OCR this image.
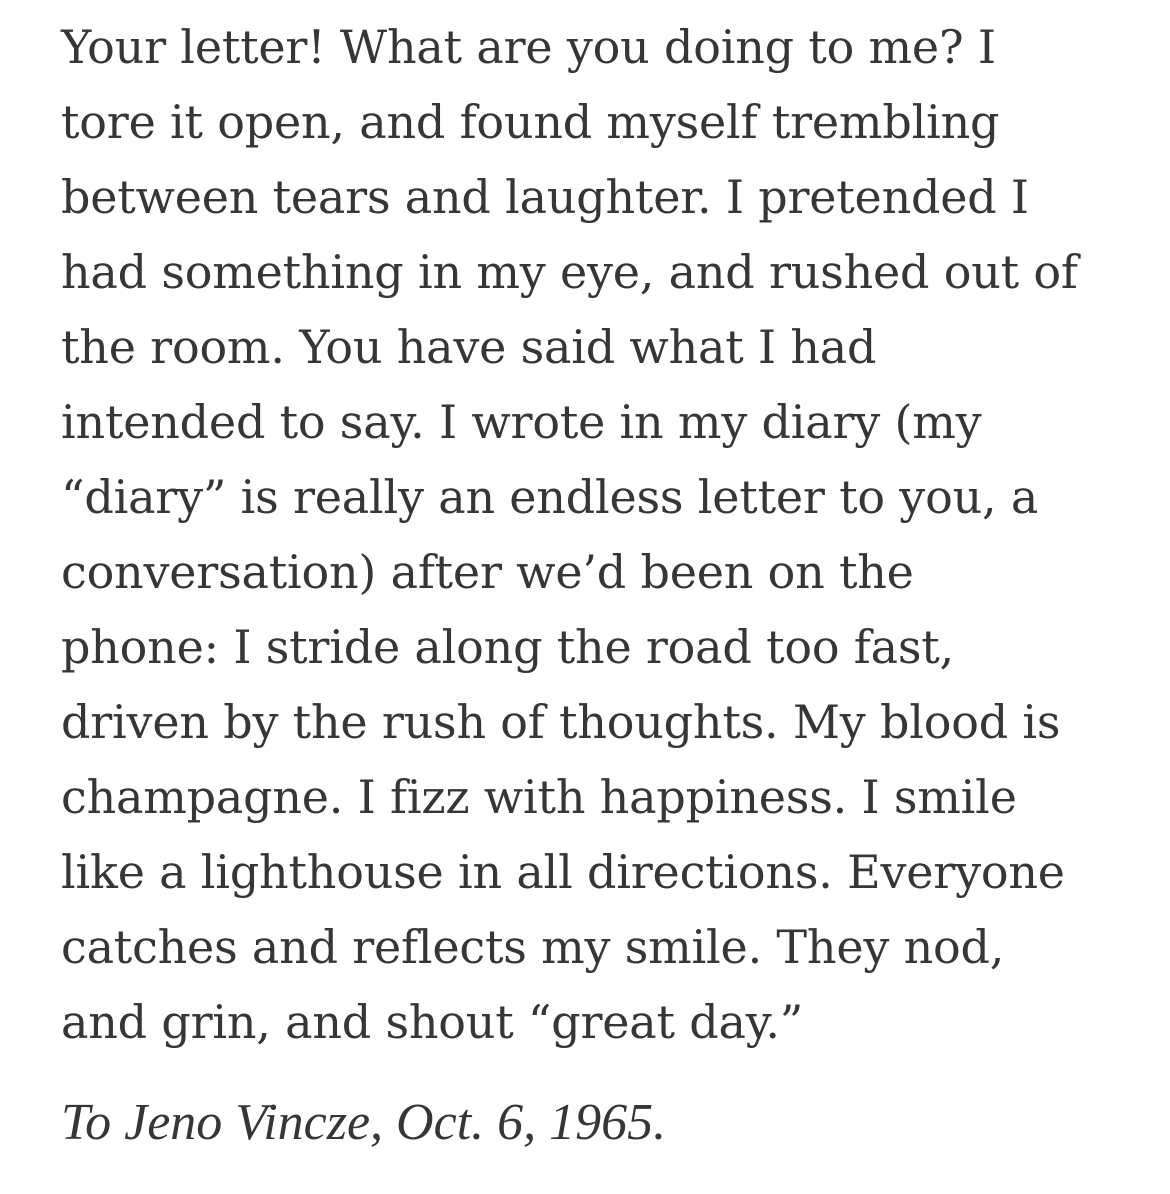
Your letter! What are you doing to me? I
tore it open, and found myself trembling
between tears and laughter. I pretended I
had something in my eye, and rushed out of
the room. You have said what I had
intended to say. I wrote in my diary (my
“diary” is really an endless letter to you, a
conversation) after we’d been on the
phone: I stride along the road too fast,
driven by the rush of thoughts. My blood is
champagne. I fizz with happiness. I smile
like a lighthouse in all directions. Everyone
catches and reflects my smile. They nod,
and grin, and shout “great day.”
To Jeno Vincze, Oct. 6, 1965.
